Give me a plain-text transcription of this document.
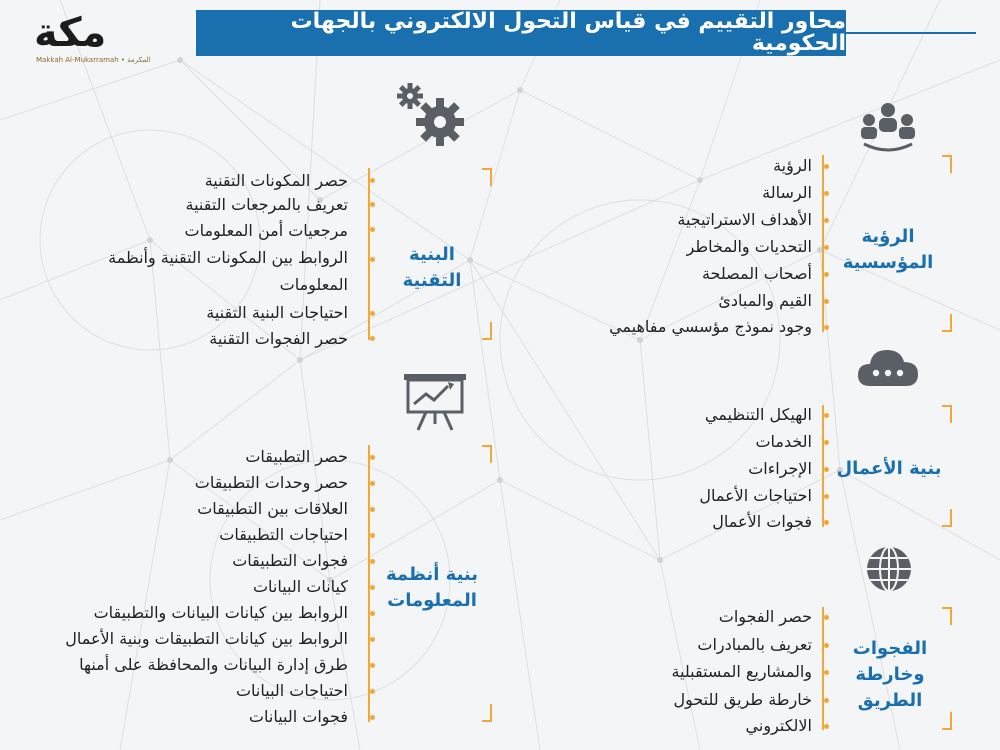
مكة
Makkah Al-Mukarramah • المكرمة
محاور التقييم في قياس التحول الالكتروني بالجهات الحكومية
البنية التقنية
بنية أنظمة المعلومات
الرؤية المؤسسية
بنية الأعمال
الفجوات وخارطة الطريق
حصر المكونات التقنية
تعريف بالمرجعات التقنية
مرجعيات أمن المعلومات
الروابط بين المكونات التقنية وأنظمة
المعلومات
احتياجات البنية التقنية
حصر الفجوات التقنية
حصر التطبيقات
حصر وحدات التطبيقات
العلاقات بين التطبيقات
احتياجات التطبيقات
فجوات التطبيقات
كيانات البيانات
الروابط بين كيانات البيانات والتطبيقات
الروابط بين كيانات التطبيقات وبنية الأعمال
طرق إدارة البيانات والمحافظة على أمنها
احتياجات البيانات
فجوات البيانات
الرؤية
الرسالة
الأهداف الاستراتيجية
التحديات والمخاطر
أصحاب المصلحة
القيم والمبادئ
وجود نموذج مؤسسي مفاهيمي
الهيكل التنظيمي
الخدمات
الإجراءات
احتياجات الأعمال
فجوات الأعمال
حصر الفجوات
تعريف بالمبادرات
والمشاريع المستقبلية
خارطة طريق للتحول
الالكتروني
